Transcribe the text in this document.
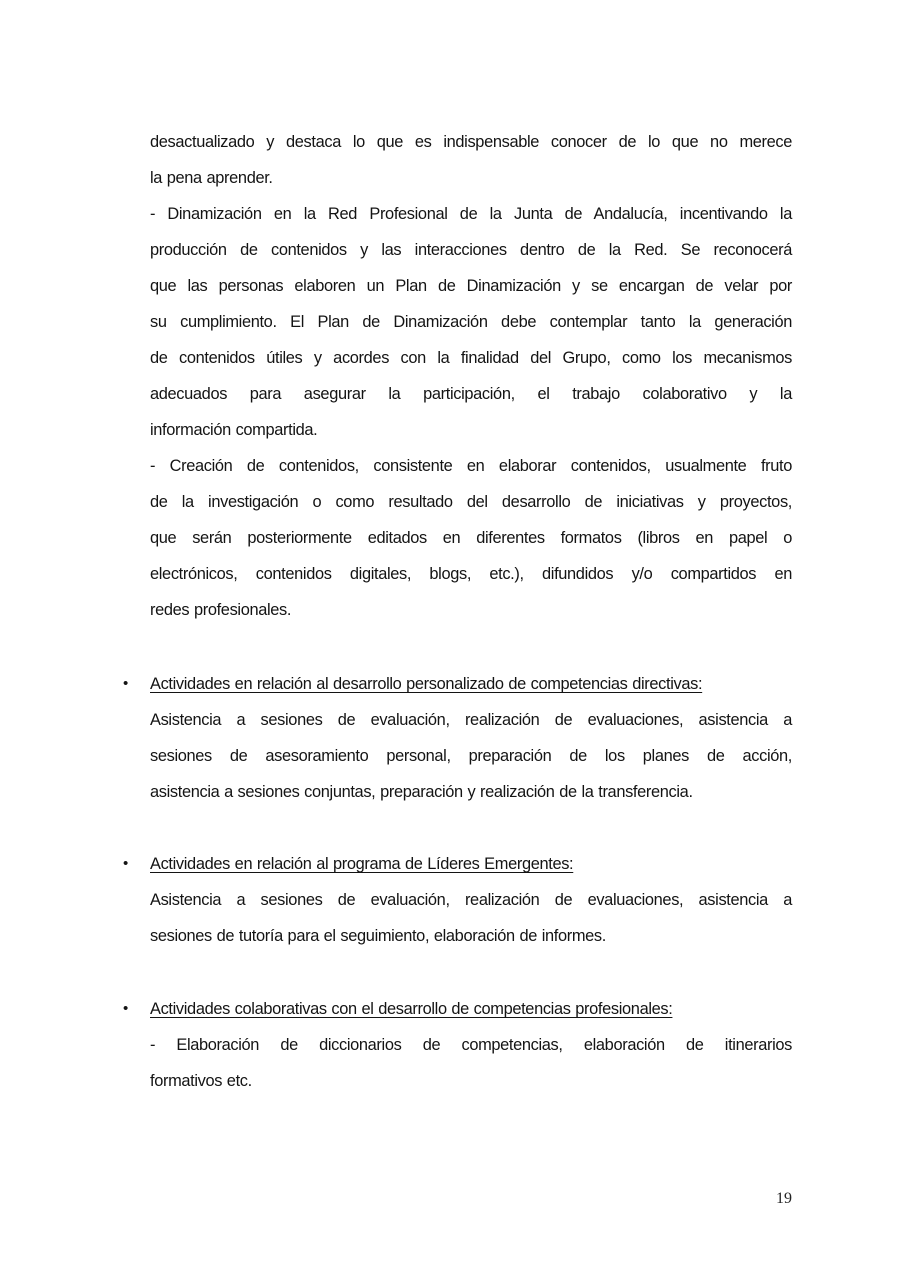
desactualizado y destaca lo que es indispensable conocer de lo que no merece
la pena aprender.
- Dinamización en la Red Profesional de la Junta de Andalucía, incentivando la
producción de contenidos y las interacciones dentro de la Red. Se reconocerá
que las personas elaboren un Plan de Dinamización y se encargan de velar por
su cumplimiento. El Plan de Dinamización debe contemplar tanto la generación
de contenidos útiles y acordes con la finalidad del Grupo, como los mecanismos
adecuados para asegurar la participación, el trabajo colaborativo y la
información compartida.
- Creación de contenidos, consistente en elaborar contenidos, usualmente fruto
de la investigación o como resultado del desarrollo de iniciativas y proyectos,
que serán posteriormente editados en diferentes formatos (libros en papel o
electrónicos, contenidos digitales, blogs, etc.), difundidos y/o compartidos en
redes profesionales.
•	Actividades en relación al desarrollo personalizado de competencias directivas:
Asistencia a sesiones de evaluación, realización de evaluaciones, asistencia a
sesiones de asesoramiento personal, preparación de los planes de acción,
asistencia a sesiones conjuntas, preparación y realización de la transferencia.
•	Actividades en relación al programa de Líderes Emergentes:
Asistencia a sesiones de evaluación, realización de evaluaciones, asistencia a
sesiones de tutoría para el seguimiento, elaboración de informes.
•	Actividades colaborativas con el desarrollo de competencias profesionales:
- Elaboración de diccionarios de competencias, elaboración de itinerarios
formativos etc.
19
